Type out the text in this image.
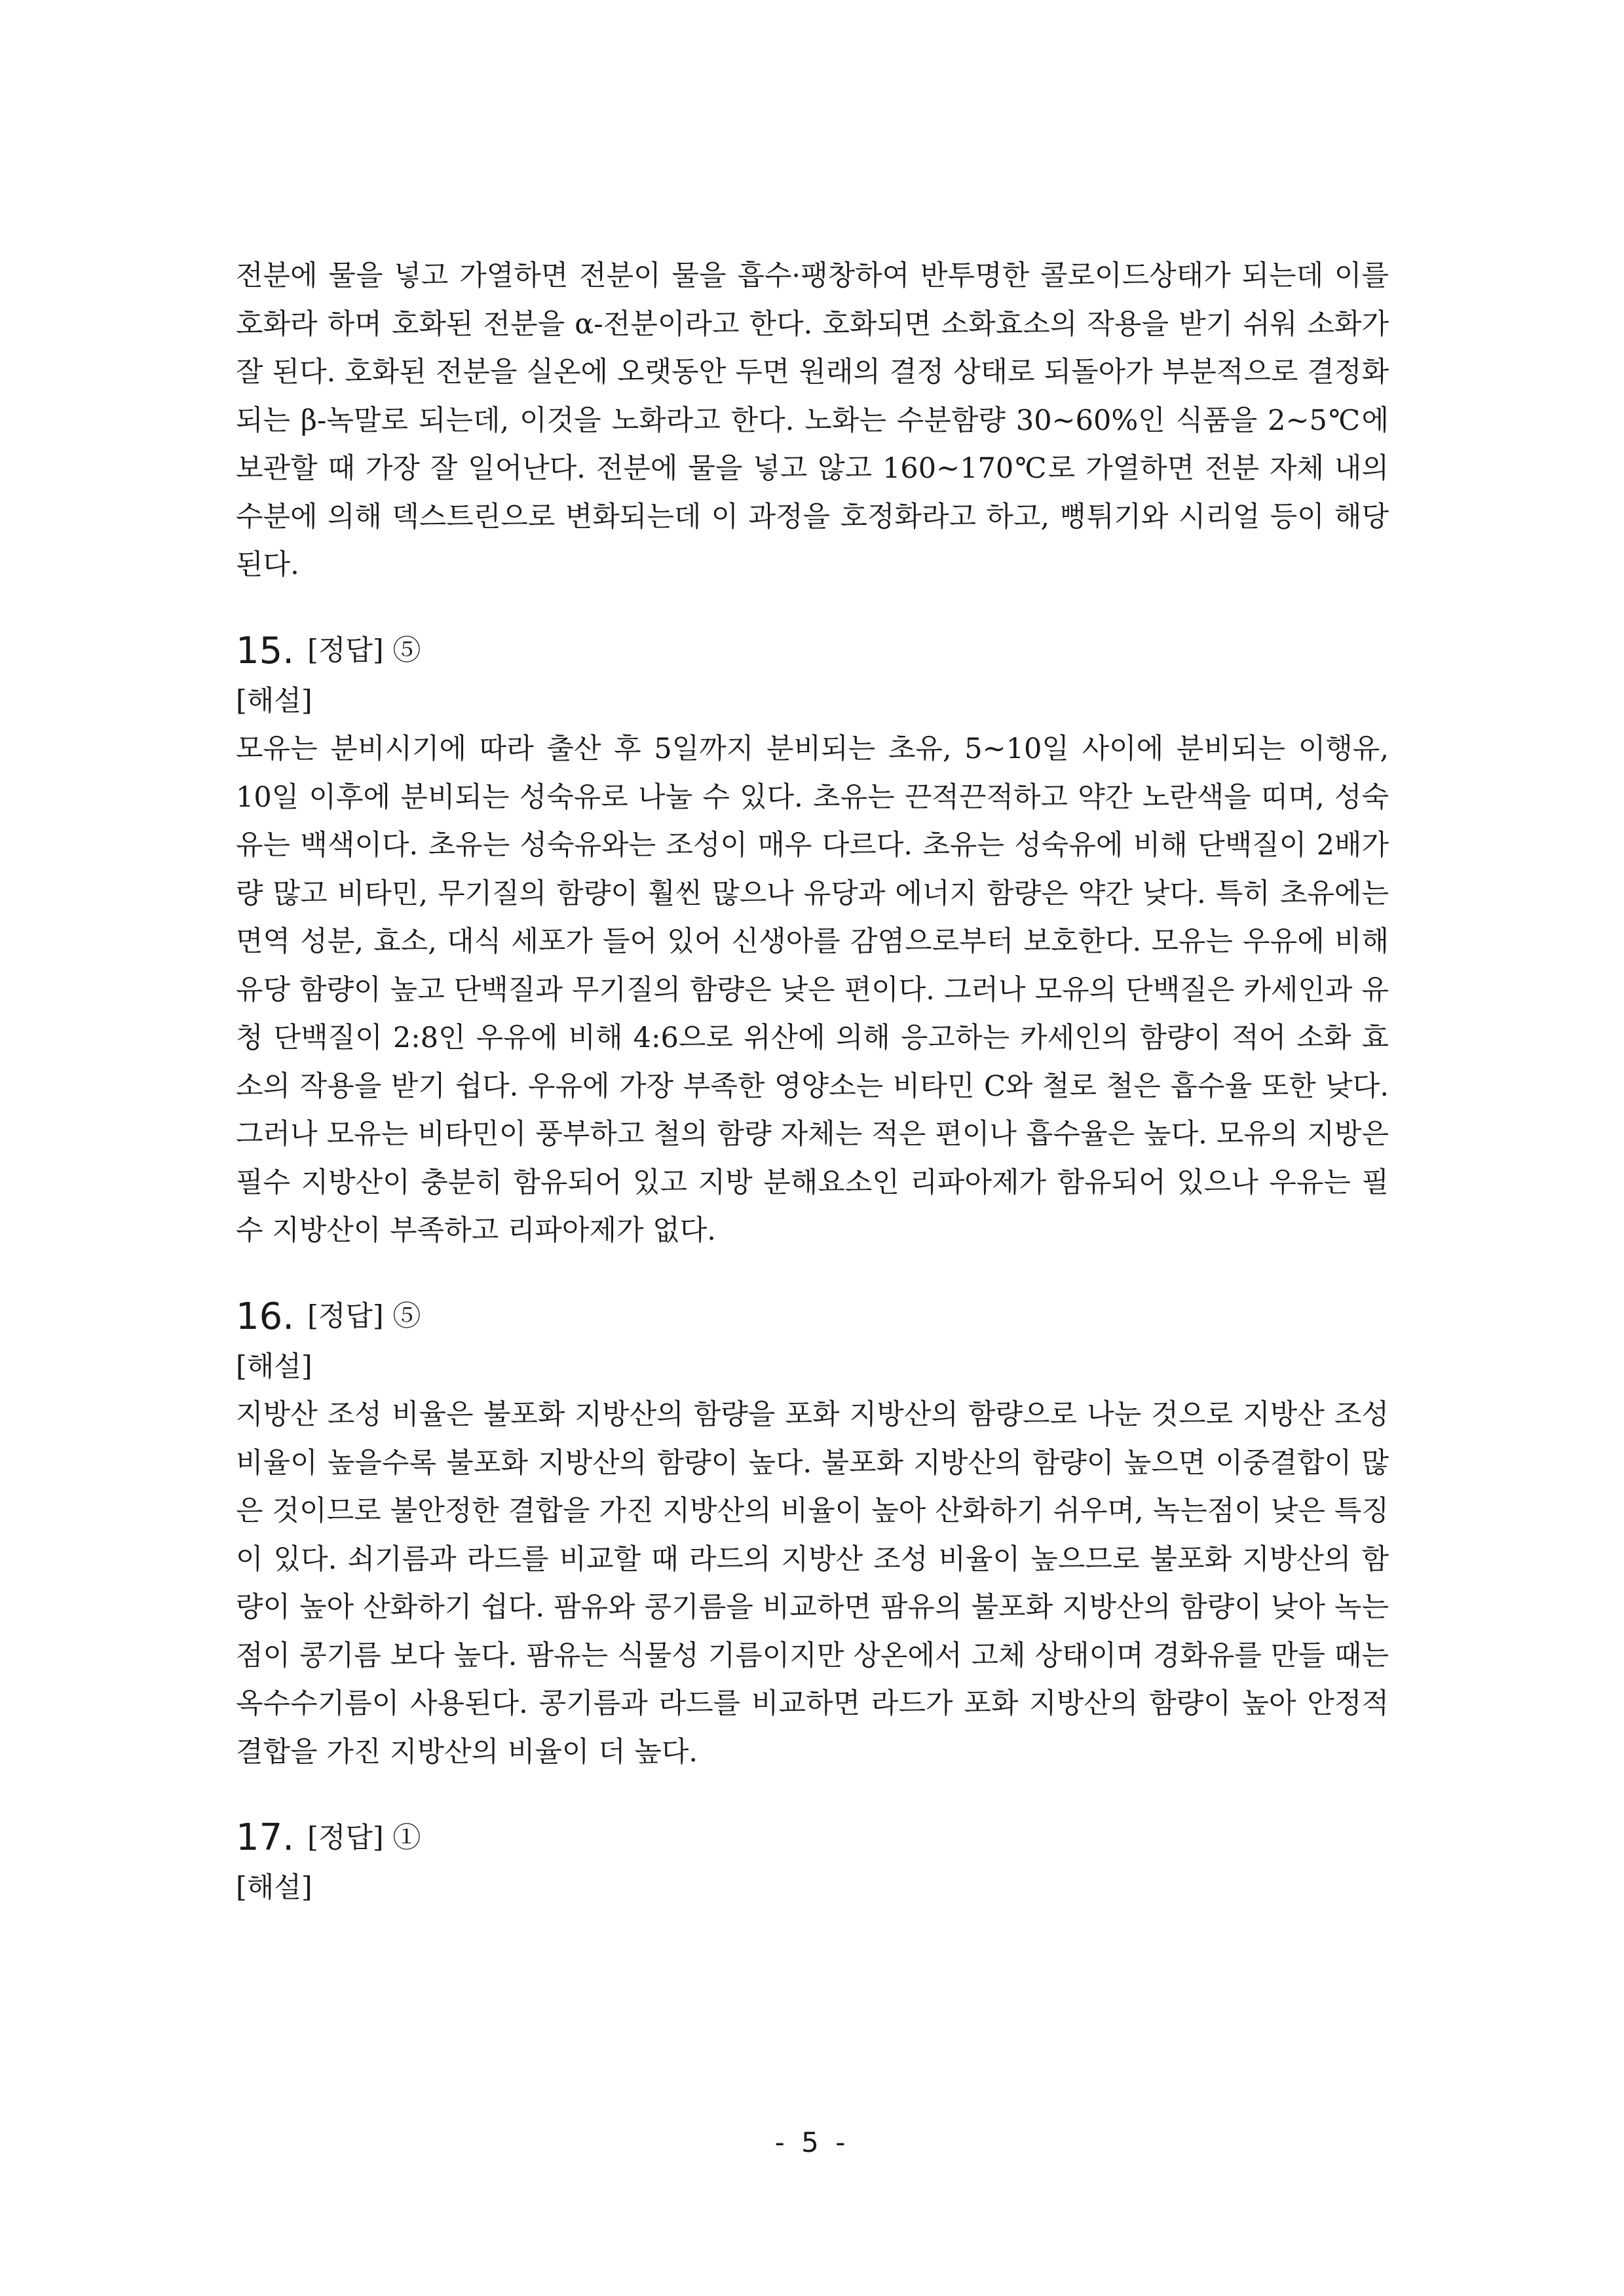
전분에 물을 넣고 가열하면 전분이 물을 흡수·팽창하여 반투명한 콜로이드상태가 되는데 이를 호화라 하며 호화된 전분을 α-전분이라고 한다. 호화되면 소화효소의 작용을 받기 쉬워 소화가 잘 된다. 호화된 전분을 실온에 오랫동안 두면 원래의 결정 상태로 되돌아가 부분적으로 결정화 되는 β-녹말로 되는데, 이것을 노화라고 한다. 노화는 수분함량 30~60%인 식품을 2~5℃에 보관할 때 가장 잘 일어난다. 전분에 물을 넣고 않고 160~170℃로 가열하면 전분 자체 내의 수분에 의해 덱스트린으로 변화되는데 이 과정을 호정화라고 하고, 뻥튀기와 시리얼 등이 해당된다.

15. [정답] ⑤

[해설]

모유는 분비시기에 따라 출산 후 5일까지 분비되는 초유, 5~10일 사이에 분비되는 이행유, 10일 이후에 분비되는 성숙유로 나눌 수 있다. 초유는 끈적끈적하고 약간 노란색을 띠며, 성숙유는 백색이다. 초유는 성숙유와는 조성이 매우 다르다. 초유는 성숙유에 비해 단백질이 2배가량 많고 비타민, 무기질의 함량이 훨씬 많으나 유당과 에너지 함량은 약간 낮다. 특히 초유에는 면역 성분, 효소, 대식 세포가 들어 있어 신생아를 감염으로부터 보호한다. 모유는 우유에 비해 유당 함량이 높고 단백질과 무기질의 함량은 낮은 편이다. 그러나 모유의 단백질은 카세인과 유청 단백질이 2:8인 우유에 비해 4:6으로 위산에 의해 응고하는 카세인의 함량이 적어 소화 효소의 작용을 받기 쉽다. 우유에 가장 부족한 영양소는 비타민 C와 철로 철은 흡수율 또한 낮다. 그러나 모유는 비타민이 풍부하고 철의 함량 자체는 적은 편이나 흡수율은 높다. 모유의 지방은 필수 지방산이 충분히 함유되어 있고 지방 분해요소인 리파아제가 함유되어 있으나 우유는 필수 지방산이 부족하고 리파아제가 없다.

16. [정답] ⑤

[해설]

지방산 조성 비율은 불포화 지방산의 함량을 포화 지방산의 함량으로 나눈 것으로 지방산 조성 비율이 높을수록 불포화 지방산의 함량이 높다. 불포화 지방산의 함량이 높으면 이중결합이 많은 것이므로 불안정한 결합을 가진 지방산의 비율이 높아 산화하기 쉬우며, 녹는점이 낮은 특징이 있다. 쇠기름과 라드를 비교할 때 라드의 지방산 조성 비율이 높으므로 불포화 지방산의 함량이 높아 산화하기 쉽다. 팜유와 콩기름을 비교하면 팜유의 불포화 지방산의 함량이 낮아 녹는점이 콩기름 보다 높다. 팜유는 식물성 기름이지만 상온에서 고체 상태이며 경화유를 만들 때는 옥수수기름이 사용된다. 콩기름과 라드를 비교하면 라드가 포화 지방산의 함량이 높아 안정적 결합을 가진 지방산의 비율이 더 높다.

17. [정답] ①

[해설]

- 5 -
